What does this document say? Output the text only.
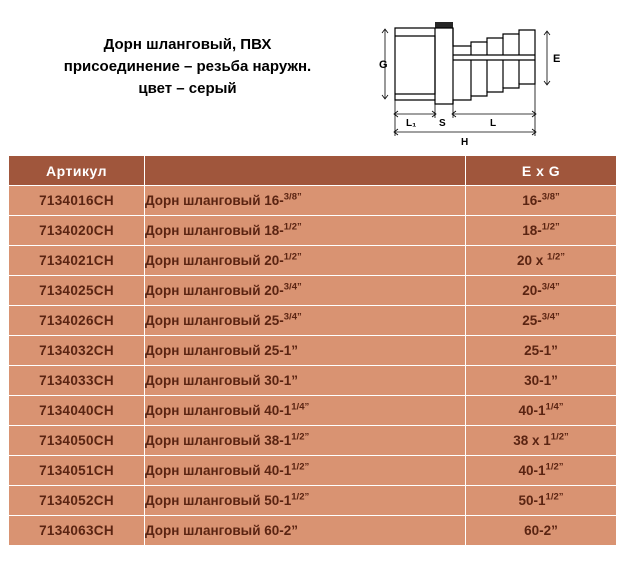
Дорн шланговый, ПВХ
присоединение – резьба наружн.
цвет – серый
G	E
L₁ S	L
H
Артикул		E x G
7134016CH	Дорн шланговый 16-$^{3/8”}$	16-$^{3/8”}$
7134020CH	Дорн шланговый 18-$^{1/2”}$	18-$^{1/2”}$
7134021CH	Дорн шланговый 20-$^{1/2”}$	20 x $^{1/2”}$
7134025CH	Дорн шланговый 20-$^{3/4”}$	20-$^{3/4”}$
7134026CH	Дорн шланговый 25-$^{3/4”}$	25-$^{3/4”}$
7134032CH	Дорн шланговый 25-1”	25-1”
7134033CH	Дорн шланговый 30-1”	30-1”
7134040CH	Дорн шланговый $40-1^{1/4”}$	$40-1^{1/4”}$
7134050CH	Дорн шланговый $38-1^{1/2”}$	38 x $1^{1/2”}$
7134051CH	Дорн шланговый $40-1^{1/2”}$	$40-1^{1/2”}$
7134052CH	Дорн шланговый $50-1^{1/2”}$	$50-1^{1/2”}$
7134063CH	Дорн шланговый 60-2”	60-2”
